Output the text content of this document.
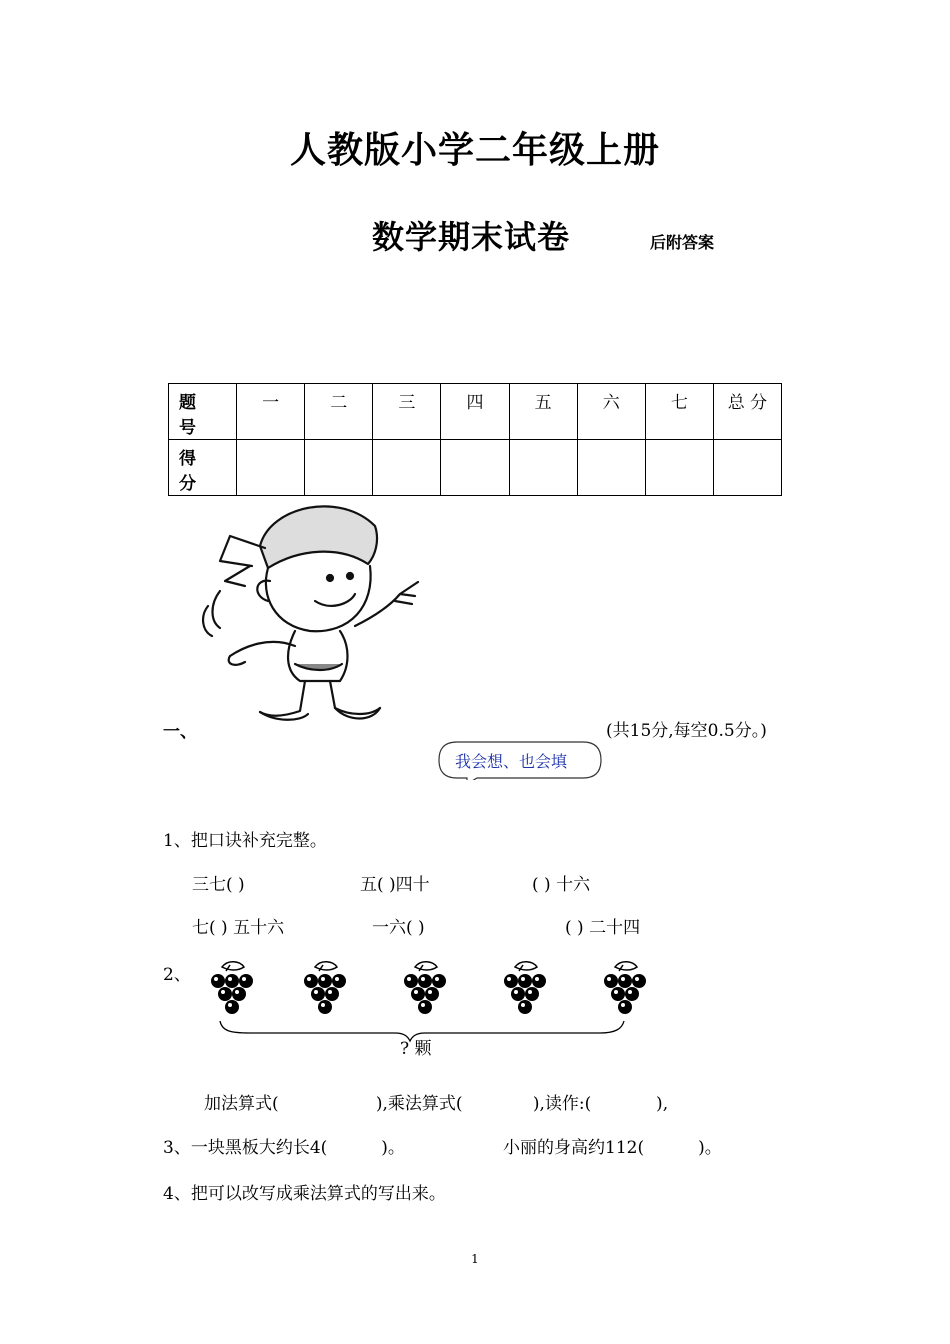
人教版小学二年级上册
数学期末试卷	后附答案
题 号	一	二	三	四	五	六	七	总 分
得 分								
一、	(共15分,每空0.5分。)
我会想、也会填
1、把口诀补充完整。
三七( )	五( )四十	( ) 十六
七( ) 五十六	一六( )	( ) 二十四
2、
? 颗
加法算式(                  ),乘法算式(             ),读作:(            ),
3、一块黑板大约长4(          )。	小丽的身高约112(          )。
4、把可以改写成乘法算式的写出来。
1
